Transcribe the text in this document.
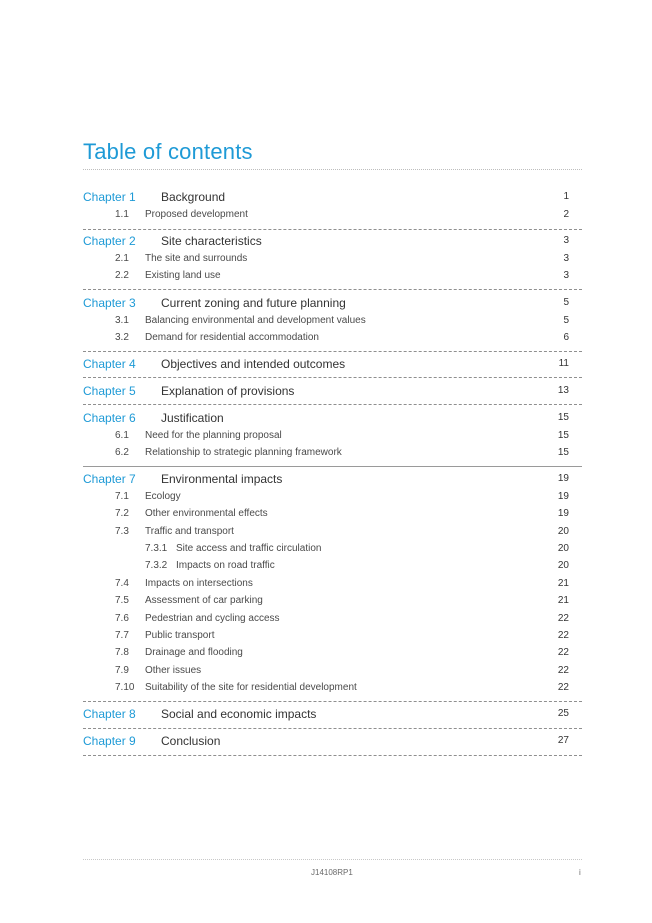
Table of contents
Chapter 1 Background	1
1.1 Proposed development	2
Chapter 2 Site characteristics	3
2.1 The site and surrounds	3
2.2 Existing land use	3
Chapter 3 Current zoning and future planning	5
3.1 Balancing environmental and development values	5
3.2 Demand for residential accommodation	6
Chapter 4 Objectives and intended outcomes	11
Chapter 5 Explanation of provisions	13
Chapter 6 Justification	15
6.1 Need for the planning proposal	15
6.2 Relationship to strategic planning framework	15
Chapter 7 Environmental impacts	19
7.1 Ecology	19
7.2 Other environmental effects	19
7.3 Traffic and transport	20
7.3.1 Site access and traffic circulation	20
7.3.2 Impacts on road traffic	20
7.4 Impacts on intersections	21
7.5 Assessment of car parking	21
7.6 Pedestrian and cycling access	22
7.7 Public transport	22
7.8 Drainage and flooding	22
7.9 Other issues	22
7.10 Suitability of the site for residential development	22
Chapter 8 Social and economic impacts	25
Chapter 9 Conclusion	27
J14108RP1	i
